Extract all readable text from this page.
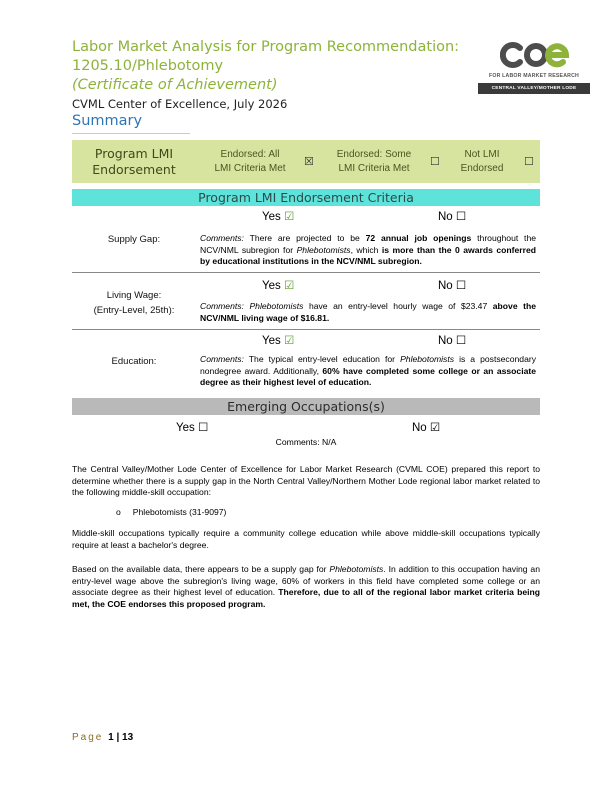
Labor Market Analysis for Program Recommendation:
1205.10/Phlebotomy
(Certificate of Achievement)
CVML Center of Excellence, July 2026
Summary
COE
FOR LABOR MARKET RESEARCH
CENTRAL VALLEY/MOTHER LODE
Program LMI
Endorsement
Endorsed: All
LMI Criteria Met
☒
Endorsed: Some
LMI Criteria Met
☐
Not LMI
Endorsed
☐
Program LMI Endorsement Criteria
Supply Gap:
Yes ☑	No ☐
Comments: There are projected to be 72 annual job openings throughout the NCV/NML subregion for Phlebotomists, which is more than the 0 awards conferred by educational institutions in the NCV/NML subregion.
Living Wage:
(Entry-Level, 25th):
Yes ☑	No ☐
Comments: Phlebotomists have an entry-level hourly wage of $23.47 above the NCV/NML living wage of $16.81.
Education:
Yes ☑	No ☐
Comments: The typical entry-level education for Phlebotomists is a postsecondary nondegree award. Additionally, 60% have completed some college or an associate degree as their highest level of education.
Emerging Occupations(s)
Yes ☐	No ☑
Comments: N/A
The Central Valley/Mother Lode Center of Excellence for Labor Market Research (CVML COE) prepared this report to determine whether there is a supply gap in the North Central Valley/Northern Mother Lode regional labor market related to the following middle-skill occupation:
o Phlebotomists (31-9097)
Middle-skill occupations typically require a community college education while above middle-skill occupations typically require at least a bachelor's degree.
Based on the available data, there appears to be a supply gap for Phlebotomists. In addition to this occupation having an entry-level wage above the subregion's living wage, 60% of workers in this field have completed some college or an associate degree as their highest level of education. Therefore, due to all of the regional labor market criteria being met, the COE endorses this proposed program.
Page 1 | 13
